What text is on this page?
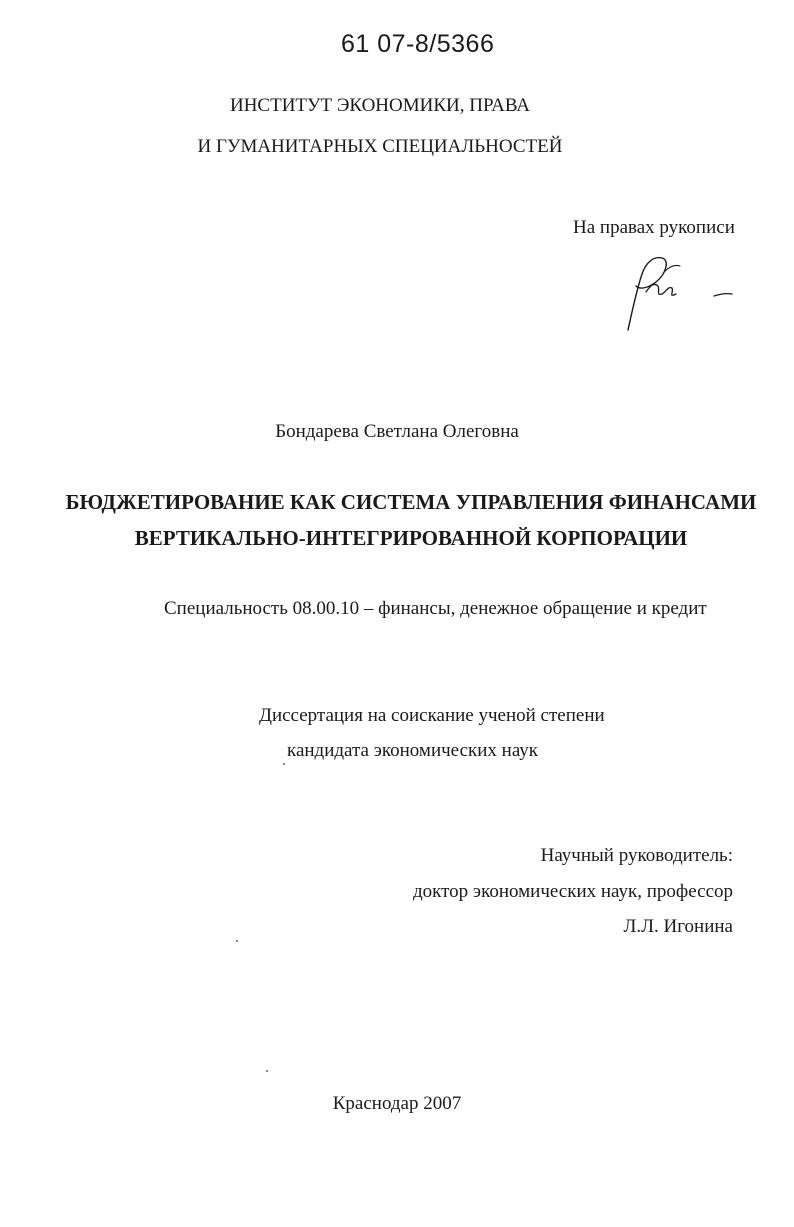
61 07-8/5366
ИНСТИТУТ ЭКОНОМИКИ, ПРАВА
И ГУМАНИТАРНЫХ СПЕЦИАЛЬНОСТЕЙ
На правах рукописи
Бондарева Светлана Олеговна
БЮДЖЕТИРОВАНИЕ КАК СИСТЕМА УПРАВЛЕНИЯ ФИНАНСАМИ
ВЕРТИКАЛЬНО-ИНТЕГРИРОВАННОЙ КОРПОРАЦИИ
Специальность 08.00.10 – финансы, денежное обращение и кредит
Диссертация на соискание ученой степени
кандидата экономических наук
Научный руководитель:
доктор экономических наук, профессор
Л.Л. Игонина
Краснодар 2007
